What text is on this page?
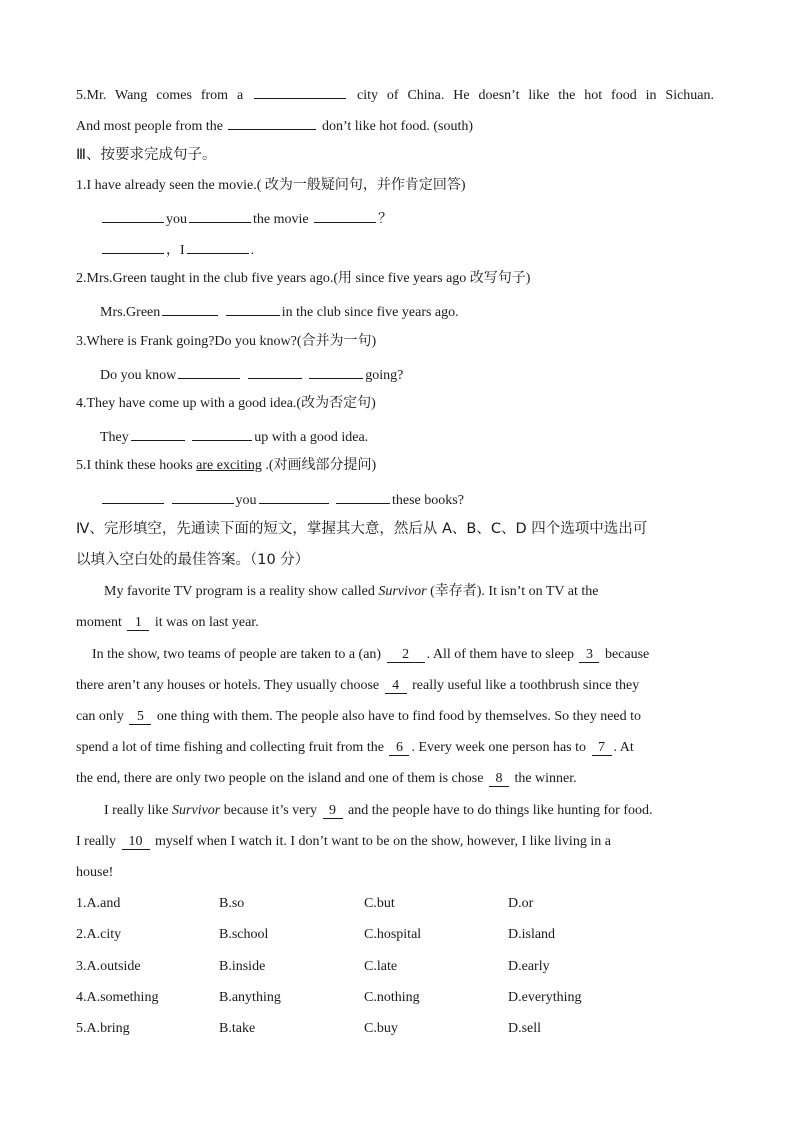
5.Mr. Wang comes from a	city of China. He doesn’t like the hot food in Sichuan.
And most people from the	don’t like hot food. (south)
Ⅲ、按要求完成句子。
1.I have already seen the movie.( 改为一般疑问句，并作肯定回答)
you	the movie	？
，I	.
2.Mrs.Green taught in the club five years ago.(用 since five years ago 改写句子)
Mrs.Green	in the club since five years ago.
3.Where is Frank going?Do you know?(合并为一句)
Do you know	going?
4.They have come up with a good idea.(改为否定句)
They	up with a good idea.
5.I think these hooks are exciting .(对画线部分提问)
you	these books?
Ⅳ、完形填空，先通读下面的短文，掌握其大意，然后从 A、B、C、D 四个选项中选出可
以填入空白处的最佳答案。（10 分）
My favorite TV program is a reality show called Survivor (幸存者). It isn’t on TV at the
moment 1 it was on last year.
In the show, two teams of people are taken to a (an) 2 . All of them have to sleep 3 because
there aren’t any houses or hotels. They usually choose 4 really useful like a toothbrush since they
can only 5 one thing with them. The people also have to find food by themselves. So they need to
spend a lot of time fishing and collecting fruit from the 6 . Every week one person has to 7 . At
the end, there are only two people on the island and one of them is chose 8 the winner.
I really like Survivor because it’s very 9 and the people have to do things like hunting for food.
I really 10 myself when I watch it. I don’t want to be on the show, however, I like living in a
house!
1.A.and	B.so	C.but	D.or
2.A.city	B.school	C.hospital	D.island
3.A.outside	B.inside	C.late	D.early
4.A.something	B.anything	C.nothing	D.everything
5.A.bring	B.take	C.buy	D.sell
